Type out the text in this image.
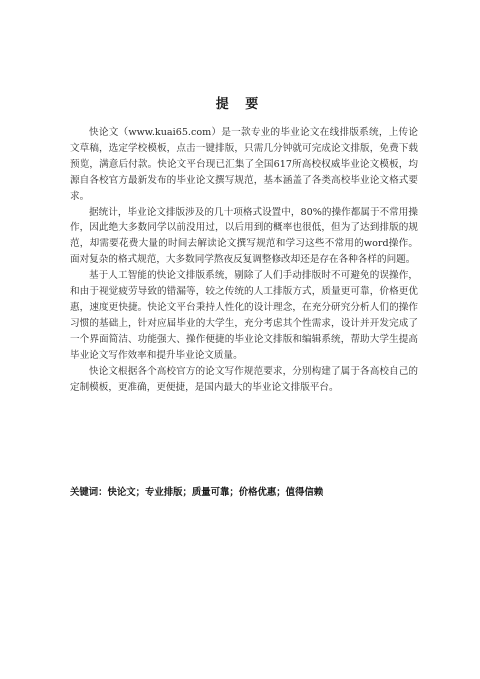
提 要

快论文（www.kuai65.com）是一款专业的毕业论文在线排版系统，上传论文草稿，选定学校模板，点击一键排版，只需几分钟就可完成论文排版，免费下载预览，满意后付款。快论文平台现已汇集了全国617所高校权威毕业论文模板，均源自各校官方最新发布的毕业论文撰写规范，基本涵盖了各类高校毕业论文格式要求。

据统计，毕业论文排版涉及的几十项格式设置中，80%的操作都属于不常用操作，因此绝大多数同学以前没用过，以后用到的概率也很低，但为了达到排版的规范，却需要花费大量的时间去解读论文撰写规范和学习这些不常用的word操作。面对复杂的格式规范，大多数同学熬夜反复调整修改却还是存在各种各样的问题。

基于人工智能的快论文排版系统，剔除了人们手动排版时不可避免的误操作，和由于视觉疲劳导致的错漏等，较之传统的人工排版方式，质量更可靠，价格更优惠，速度更快捷。快论文平台秉持人性化的设计理念，在充分研究分析人们的操作习惯的基础上，针对应届毕业的大学生，充分考虑其个性需求，设计并开发完成了一个界面简洁、功能强大、操作便捷的毕业论文排版和编辑系统，帮助大学生提高毕业论文写作效率和提升毕业论文质量。

快论文根据各个高校官方的论文写作规范要求，分别构建了属于各高校自己的定制模板，更准确，更便捷，是国内最大的毕业论文排版平台。

关键词：快论文；专业排版；质量可靠；价格优惠；值得信赖
